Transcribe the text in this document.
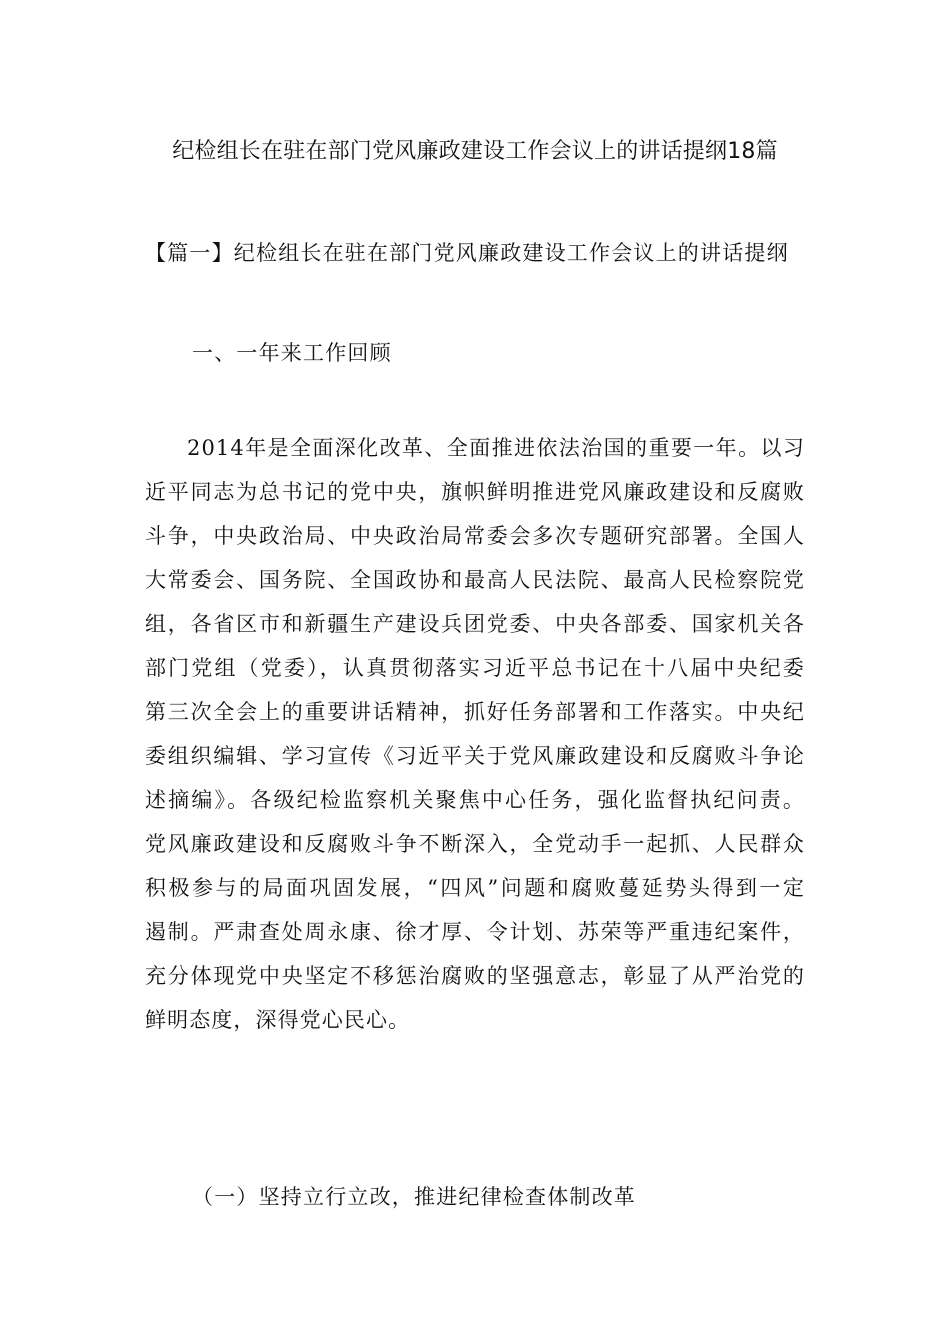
纪检组长在驻在部门党风廉政建设工作会议上的讲话提纲18篇
【篇一】纪检组长在驻在部门党风廉政建设工作会议上的讲话提纲
一、一年来工作回顾
2014年是全面深化改革、全面推进依法治国的重要一年。以习
近平同志为总书记的党中央，旗帜鲜明推进党风廉政建设和反腐败
斗争，中央政治局、中央政治局常委会多次专题研究部署。全国人
大常委会、国务院、全国政协和最高人民法院、最高人民检察院党
组，各省区市和新疆生产建设兵团党委、中央各部委、国家机关各
部门党组（党委），认真贯彻落实习近平总书记在十八届中央纪委
第三次全会上的重要讲话精神，抓好任务部署和工作落实。中央纪
委组织编辑、学习宣传《习近平关于党风廉政建设和反腐败斗争论
述摘编》。各级纪检监察机关聚焦中心任务，强化监督执纪问责。
党风廉政建设和反腐败斗争不断深入，全党动手一起抓、人民群众
积极参与的局面巩固发展，“四风”问题和腐败蔓延势头得到一定
遏制。严肃查处周永康、徐才厚、令计划、苏荣等严重违纪案件，
充分体现党中央坚定不移惩治腐败的坚强意志，彰显了从严治党的
鲜明态度，深得党心民心。
（一）坚持立行立改，推进纪律检查体制改革
